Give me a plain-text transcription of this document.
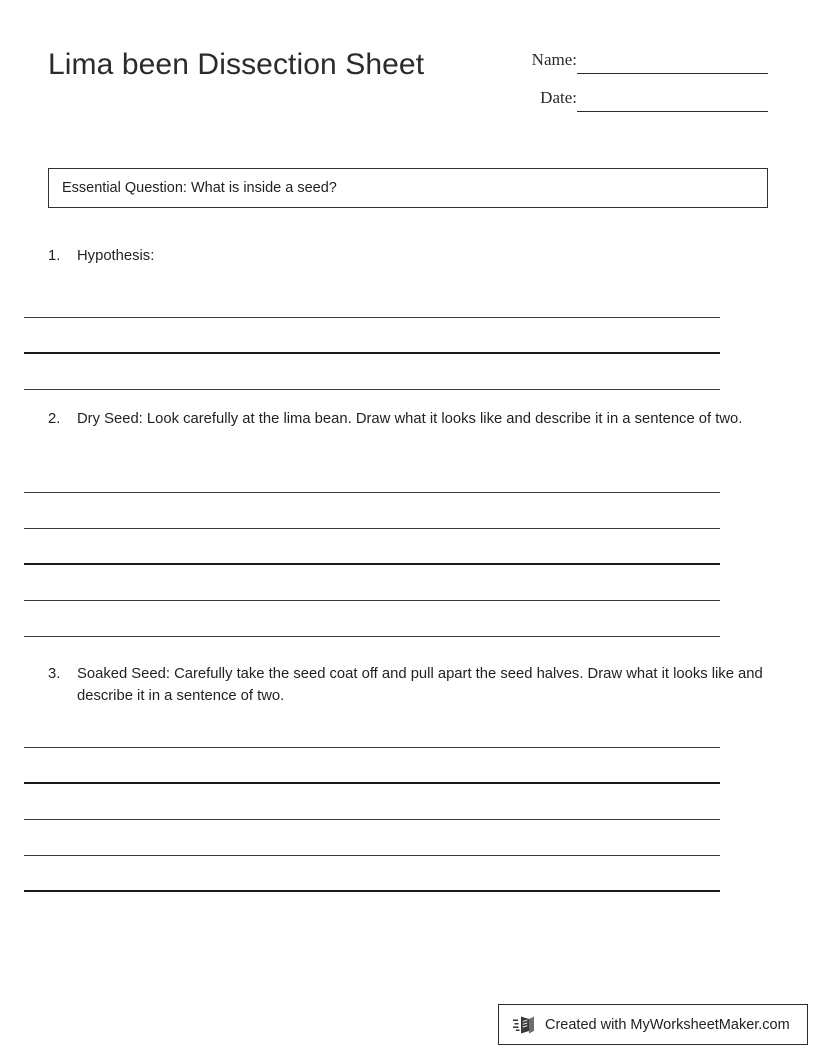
Lima been Dissection Sheet	Name:
Date:
Essential Question: What is inside a seed?
1. Hypothesis:
2. Dry Seed: Look carefully at the lima bean. Draw what it looks like and describe it in a sentence of two.
3. Soaked Seed: Carefully take the seed coat off and pull apart the seed halves. Draw what it looks like and describe it in a sentence of two.
Created with MyWorksheetMaker.com
